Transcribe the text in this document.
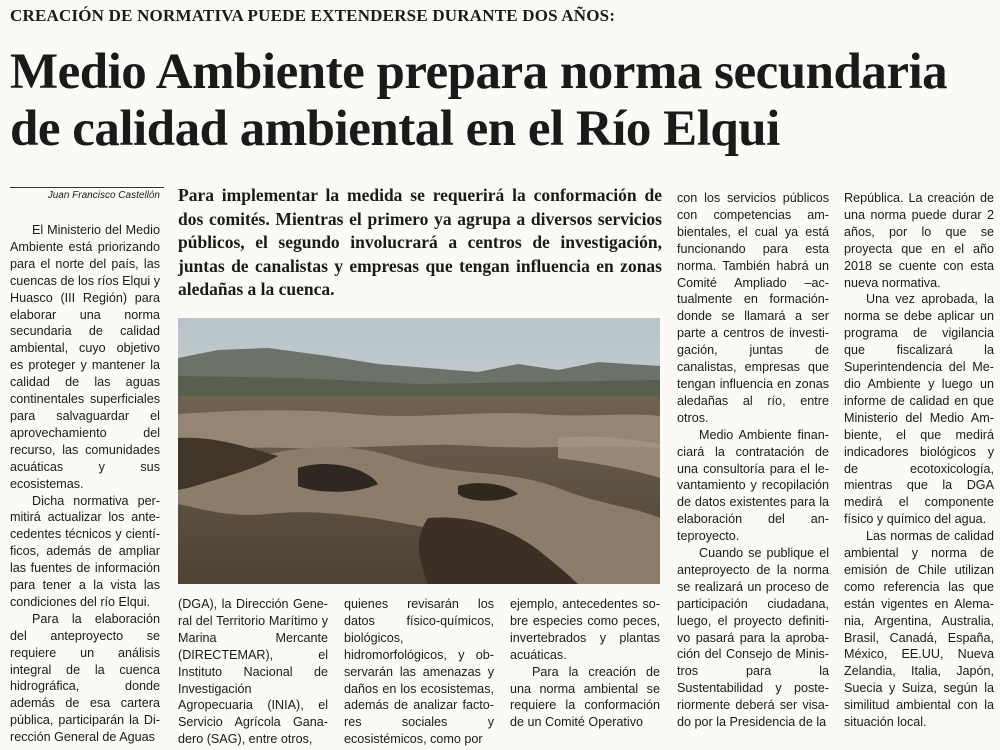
CREACIÓN DE NORMATIVA PUEDE EXTENDERSE DURANTE DOS AÑOS:
Medio Ambiente prepara norma secundaria de calidad ambiental en el Río Elqui
Juan Francisco Castellón Para implementar la medida se requerirá la conformación de dos comités. Mientras el primero ya agrupa a diversos servicios públicos, el segundo involucrará a centros de investigación, juntas de canalistas y empresas que tengan influencia en zonas aledañas a la cuenca.

El Ministerio del Medio Ambiente está priorizando para el norte del país, las cuencas de los ríos Elqui y Huasco (III Región) para elaborar una norma secundaria de calidad ambiental, cuyo objetivo es proteger y mantener la calidad de las aguas continentales superficiales para salvaguardar el aprovechamiento del recurso, las comunidades acuáticas y sus ecosistemas.

Dicha normativa permitirá actualizar los antecedentes técnicos y científicos, además de ampliar las fuentes de información para tener a la vista las condiciones del río Elqui.

Para la elaboración del anteproyecto se requiere un análisis integral de la cuenca hidrográfica, donde además de esa cartera pública, participarán la Dirección General de Aguas

(DGA), la Dirección General del Territorio Marítimo y Marina Mercante (DIRECTEMAR), el Instituto Nacional de Investigación Agropecuaria (INIA), el Servicio Agrícola Ganadero (SAG), entre otros,

quienes revisarán los datos físico-químicos, biológicos, hidromorfológicos, y observarán las amenazas y daños en los ecosistemas, además de analizar factores sociales y ecosistémicos, como por

ejemplo, antecedentes sobre especies como peces, invertebrados y plantas acuáticas.

Para la creación de una norma ambiental se requiere la conformación de un Comité Operativo

con los servicios públicos con competencias ambientales, el cual ya está funcionando para esta norma. También habrá un Comité Ampliado –actualmente en formacióndonde se llamará a ser parte a centros de investigación, juntas de canalistas, empresas que tengan influencia en zonas aledañas al río, entre otros.

Medio Ambiente financiará la contratación de una consultoría para el levantamiento y recopilación de datos existentes para la elaboración del anteproyecto.

Cuando se publique el anteproyecto de la norma se realizará un proceso de participación ciudadana, luego, el proyecto definitivo pasará para la aprobación del Consejo de Ministros para la Sustentabilidad y posteriormente deberá ser visado por la Presidencia de la

República. La creación de una norma puede durar 2 años, por lo que se proyecta que en el año 2018 se cuente con esta nueva normativa.

Una vez aprobada, la norma se debe aplicar un programa de vigilancia que fiscalizará la Superintendencia del Medio Ambiente y luego un informe de calidad en que Ministerio del Medio Ambiente, el que medirá indicadores biológicos y de ecotoxicología, mientras que la DGA medirá el componente físico y químico del agua.

Las normas de calidad ambiental y norma de emisión de Chile utilizan como referencia las que están vigentes en Alemania, Argentina, Australia, Brasil, Canadá, España, México, EE.UU, Nueva Zelandia, Italia, Japón, Suecia y Suiza, según la similitud ambiental con la situación local.
